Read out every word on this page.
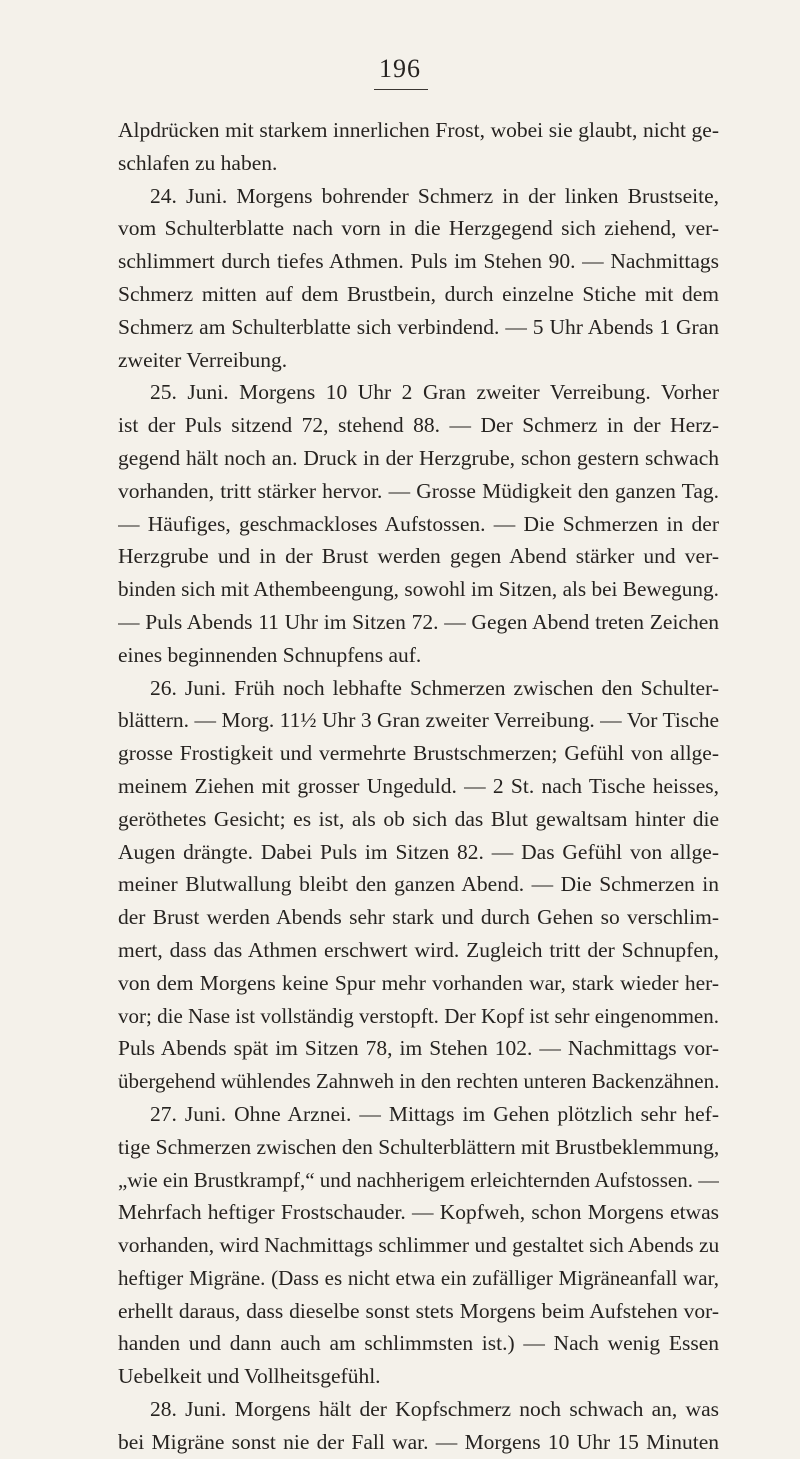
196
Alpdrücken mit starkem innerlichen Frost, wobei sie glaubt, nicht ge-
schlafen zu haben.
24. Juni. Morgens bohrender Schmerz in der linken Brustseite,
vom Schulterblatte nach vorn in die Herzgegend sich ziehend, ver-
schlimmert durch tiefes Athmen. Puls im Stehen 90. — Nachmittags
Schmerz mitten auf dem Brustbein, durch einzelne Stiche mit dem
Schmerz am Schulterblatte sich verbindend. — 5 Uhr Abends 1 Gran
zweiter Verreibung.
25. Juni. Morgens 10 Uhr 2 Gran zweiter Verreibung. Vorher
ist der Puls sitzend 72, stehend 88. — Der Schmerz in der Herz-
gegend hält noch an. Druck in der Herzgrube, schon gestern schwach
vorhanden, tritt stärker hervor. — Grosse Müdigkeit den ganzen Tag.
— Häufiges, geschmackloses Aufstossen. — Die Schmerzen in der
Herzgrube und in der Brust werden gegen Abend stärker und ver-
binden sich mit Athembeengung, sowohl im Sitzen, als bei Bewegung.
— Puls Abends 11 Uhr im Sitzen 72. — Gegen Abend treten Zeichen
eines beginnenden Schnupfens auf.
26. Juni. Früh noch lebhafte Schmerzen zwischen den Schulter-
blättern. — Morg. 11½ Uhr 3 Gran zweiter Verreibung. — Vor Tische
grosse Frostigkeit und vermehrte Brustschmerzen; Gefühl von allge-
meinem Ziehen mit grosser Ungeduld. — 2 St. nach Tische heisses,
geröthetes Gesicht; es ist, als ob sich das Blut gewaltsam hinter die
Augen drängte. Dabei Puls im Sitzen 82. — Das Gefühl von allge-
meiner Blutwallung bleibt den ganzen Abend. — Die Schmerzen in
der Brust werden Abends sehr stark und durch Gehen so verschlim-
mert, dass das Athmen erschwert wird. Zugleich tritt der Schnupfen,
von dem Morgens keine Spur mehr vorhanden war, stark wieder her-
vor; die Nase ist vollständig verstopft. Der Kopf ist sehr eingenommen.
Puls Abends spät im Sitzen 78, im Stehen 102. — Nachmittags vor-
übergehend wühlendes Zahnweh in den rechten unteren Backenzähnen.
27. Juni. Ohne Arznei. — Mittags im Gehen plötzlich sehr hef-
tige Schmerzen zwischen den Schulterblättern mit Brustbeklemmung,
„wie ein Brustkrampf,“ und nachherigem erleichternden Aufstossen. —
Mehrfach heftiger Frostschauder. — Kopfweh, schon Morgens etwas
vorhanden, wird Nachmittags schlimmer und gestaltet sich Abends zu
heftiger Migräne. (Dass es nicht etwa ein zufälliger Migräneanfall war,
erhellt daraus, dass dieselbe sonst stets Morgens beim Aufstehen vor-
handen und dann auch am schlimmsten ist.) — Nach wenig Essen
Uebelkeit und Vollheitsgefühl.
28. Juni. Morgens hält der Kopfschmerz noch schwach an, was
bei Migräne sonst nie der Fall war. — Morgens 10 Uhr 15 Minuten
